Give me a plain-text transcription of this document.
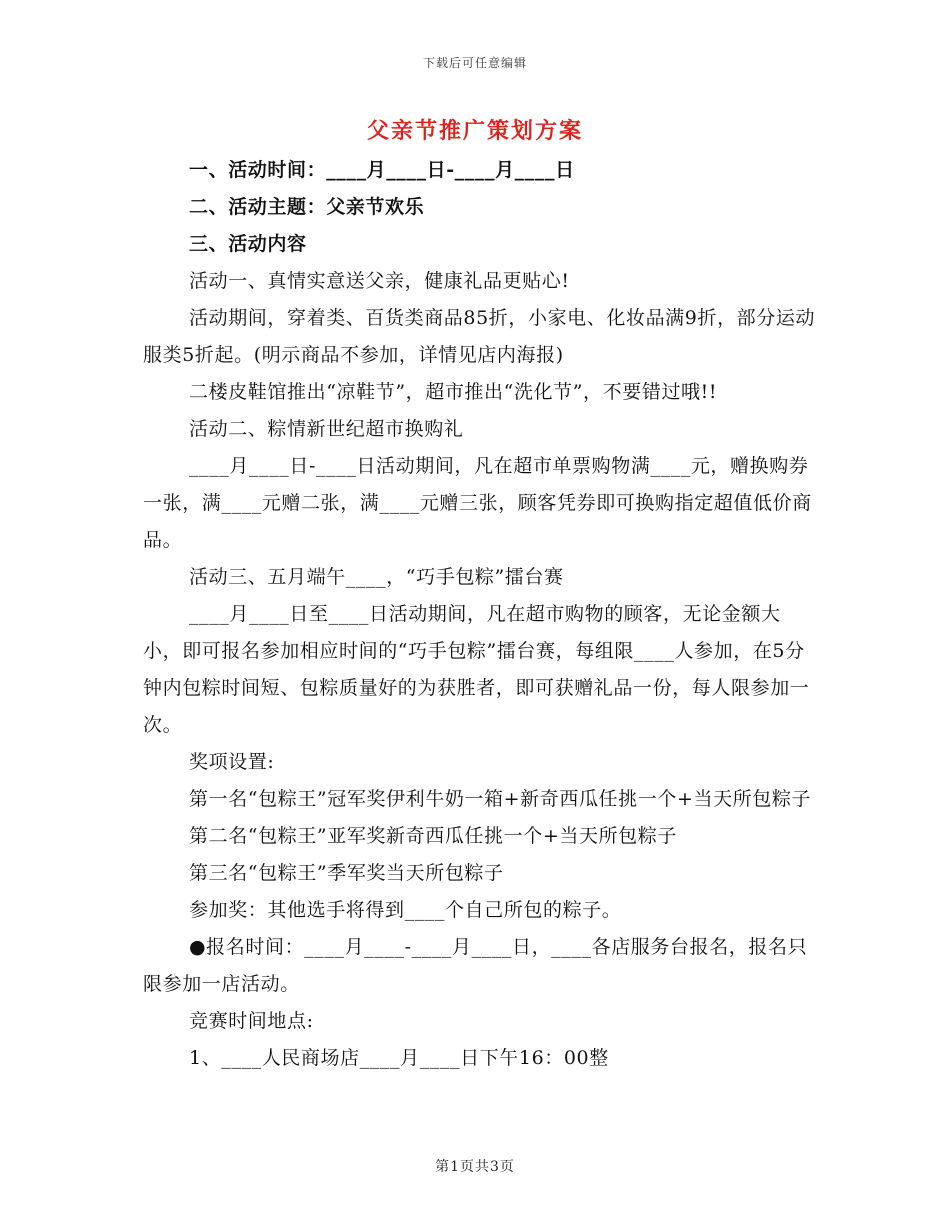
下载后可任意编辑
父亲节推广策划方案

一、活动时间：____月____日-____月____日

二、活动主题：父亲节欢乐

三、活动内容

活动一、真情实意送父亲，健康礼品更贴心!

活动期间，穿着类、百货类商品85折，小家电、化妆品满9折，部分运动服类5折起。(明示商品不参加，详情见店内海报)

二楼皮鞋馆推出“凉鞋节”，超市推出“洗化节”，不要错过哦!!

活动二、粽情新世纪超市换购礼

____月____日-____日活动期间，凡在超市单票购物满____元，赠换购券一张，满____元赠二张，满____元赠三张，顾客凭券即可换购指定超值低价商品。

活动三、五月端午____，“巧手包粽”擂台赛

____月____日至____日活动期间，凡在超市购物的顾客，无论金额大小，即可报名参加相应时间的“巧手包粽”擂台赛，每组限____人参加，在5分钟内包粽时间短、包粽质量好的为获胜者，即可获赠礼品一份，每人限参加一次。

奖项设置:

第一名“包粽王”冠军奖伊利牛奶一箱+新奇西瓜任挑一个+当天所包粽子

第二名“包粽王”亚军奖新奇西瓜任挑一个+当天所包粽子

第三名“包粽王”季军奖当天所包粽子

参加奖：其他选手将得到____个自己所包的粽子。

●报名时间：____月____-____月____日，____各店服务台报名，报名只限参加一店活动。

竞赛时间地点:

1、____人民商场店____月____日下午16：00整

第1页共3页
